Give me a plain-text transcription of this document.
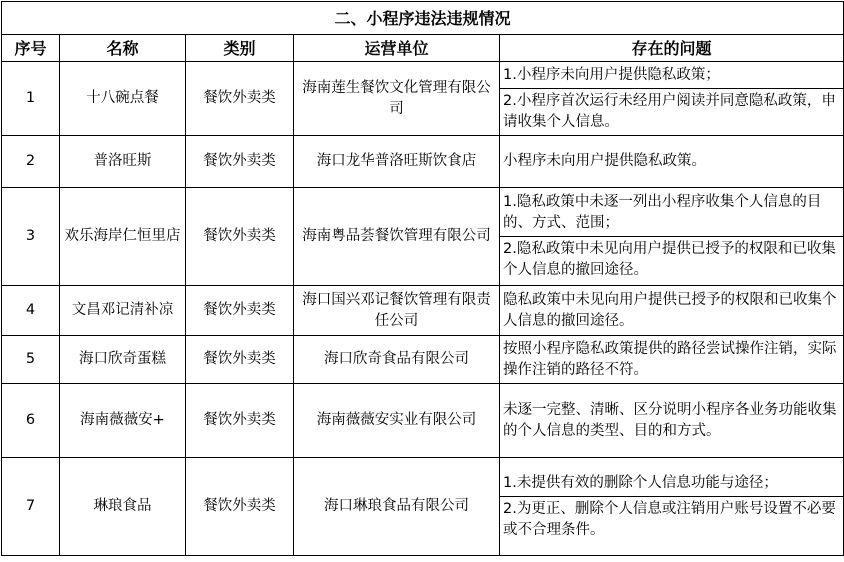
二、小程序违法违规情况				
序号	名称	类别	运营单位	存在的问题
1	十八碗点餐	餐饮外卖类	海南莲生餐饮文化管理有限公司	1.小程序未向用户提供隐私政策；
2.小程序首次运行未经用户阅读并同意隐私政策，申请收集个人信息。

2	普洛旺斯	餐饮外卖类	海口龙华普洛旺斯饮食店	小程序未向用户提供隐私政策。

3	欢乐海岸仁恒里店	餐饮外卖类	海南粤品荟餐饮管理有限公司	1.隐私政策中未逐一列出小程序收集个人信息的目的、方式、范围；
2.隐私政策中未见向用户提供已授予的权限和已收集个人信息的撤回途径。

4	文昌邓记清补凉	餐饮外卖类	海口国兴邓记餐饮管理有限责任公司	隐私政策中未见向用户提供已授予的权限和已收集个人信息的撤回途径。

5	海口欣奇蛋糕	餐饮外卖类	海口欣奇食品有限公司	按照小程序隐私政策提供的路径尝试操作注销，实际操作注销的路径不符。

6	海南薇薇安+	餐饮外卖类	海南薇薇安实业有限公司	未逐一完整、清晰、区分说明小程序各业务功能收集的个人信息的类型、目的和方式。

7	琳琅食品	餐饮外卖类	海口琳琅食品有限公司	1.未提供有效的删除个人信息功能与途径；
2.为更正、删除个人信息或注销用户账号设置不必要或不合理条件。
